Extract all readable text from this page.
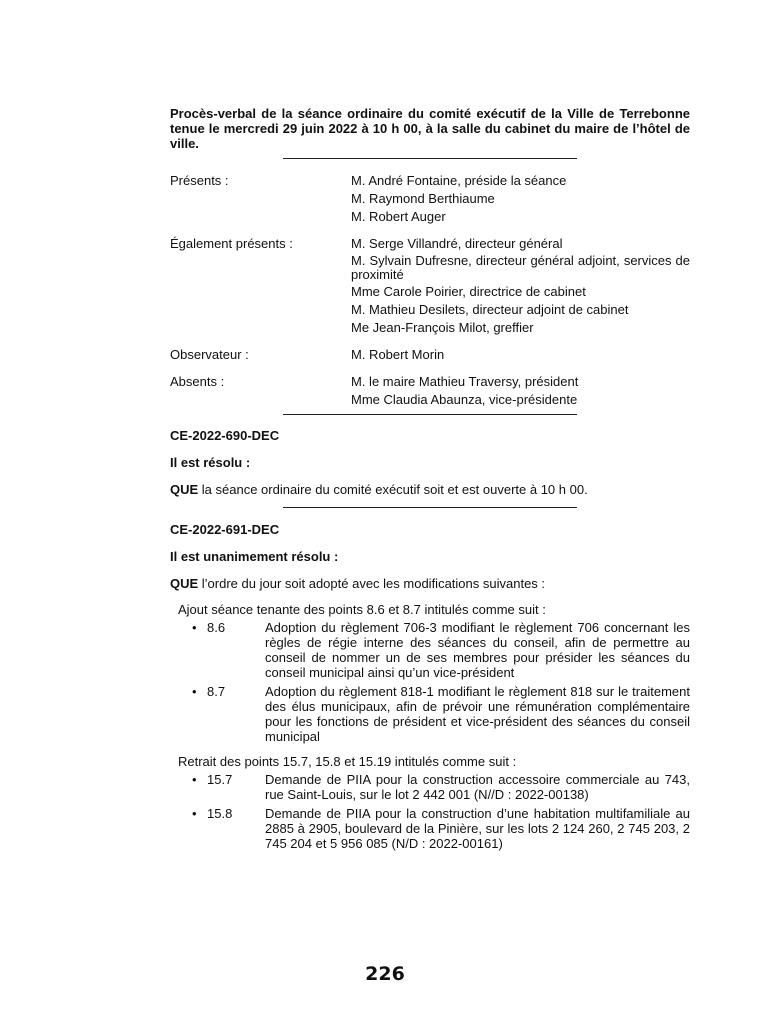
Procès-verbal de la séance ordinaire du comité exécutif de la Ville de Terrebonne tenue le mercredi 29 juin 2022 à 10 h 00, à la salle du cabinet du maire de l’hôtel de ville.
Présents :	M. André Fontaine, préside la séance
M. Raymond Berthiaume
M. Robert Auger
Également présents :	M. Serge Villandré, directeur général
M. Sylvain Dufresne, directeur général adjoint, services de proximité
Mme Carole Poirier, directrice de cabinet
M. Mathieu Desilets, directeur adjoint de cabinet
Me Jean-François Milot, greffier
Observateur :	M. Robert Morin
Absents :	M. le maire Mathieu Traversy, président
Mme Claudia Abaunza, vice-présidente
CE-2022-690-DEC
Il est résolu :
QUE la séance ordinaire du comité exécutif soit et est ouverte à 10 h 00.
CE-2022-691-DEC
Il est unanimement résolu :
QUE l’ordre du jour soit adopté avec les modifications suivantes :
Ajout séance tenante des points 8.6 et 8.7 intitulés comme suit :
• 8.6	Adoption du règlement 706-3 modifiant le règlement 706 concernant les règles de régie interne des séances du conseil, afin de permettre au conseil de nommer un de ses membres pour présider les séances du conseil municipal ainsi qu’un vice-président
• 8.7	Adoption du règlement 818-1 modifiant le règlement 818 sur le traitement des élus municipaux, afin de prévoir une rémunération complémentaire pour les fonctions de président et vice-président des séances du conseil municipal
Retrait des points 15.7, 15.8 et 15.19 intitulés comme suit :
• 15.7	Demande de PIIA pour la construction accessoire commerciale au 743, rue Saint-Louis, sur le lot 2 442 001 (N//D : 2022-00138)
• 15.8	Demande de PIIA pour la construction d’une habitation multifamiliale au 2885 à 2905, boulevard de la Pinière, sur les lots 2 124 260, 2 745 203, 2 745 204 et 5 956 085 (N/D : 2022-00161)
226
